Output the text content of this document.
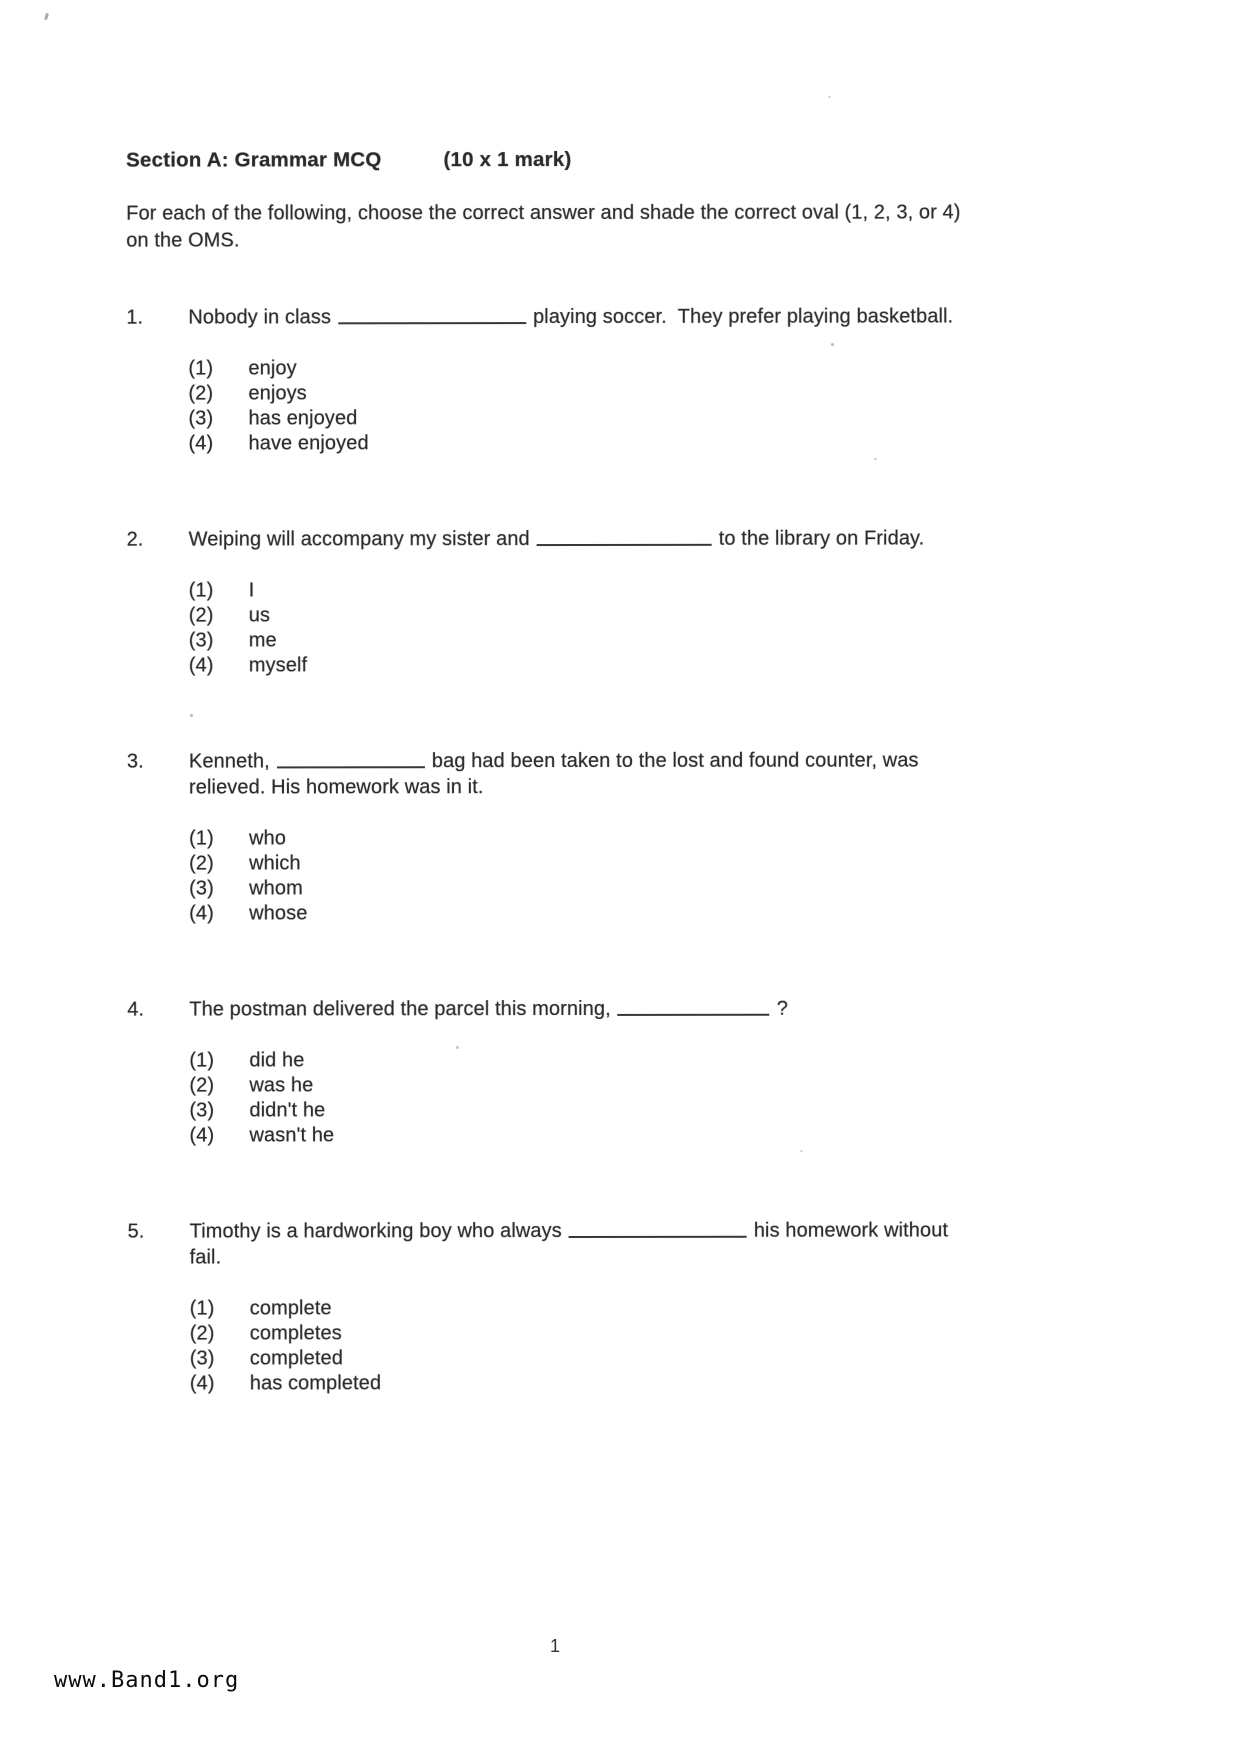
Section A: Grammar MCQ	(10 x 1 mark)
For each of the following, choose the correct answer and shade the correct oval (1, 2, 3, or 4)
on the OMS.
1.	Nobody in class	playing soccer.  They prefer playing basketball.
(1)	enjoy
(2)	enjoys
(3)	has enjoyed
(4)	have enjoyed
2.	Weiping will accompany my sister and	to the library on Friday.
(1)	I
(2)	us
(3)	me
(4)	myself
3.	Kenneth,	bag had been taken to the lost and found counter, was
relieved. His homework was in it.
(1)	who
(2)	which
(3)	whom
(4)	whose
4.	The postman delivered the parcel this morning,	?
(1)	did he
(2)	was he
(3)	didn't he
(4)	wasn't he
5.	Timothy is a hardworking boy who always	his homework without
fail.
(1)	complete
(2)	completes
(3)	completed
(4)	has completed
1
www.Band1.org
